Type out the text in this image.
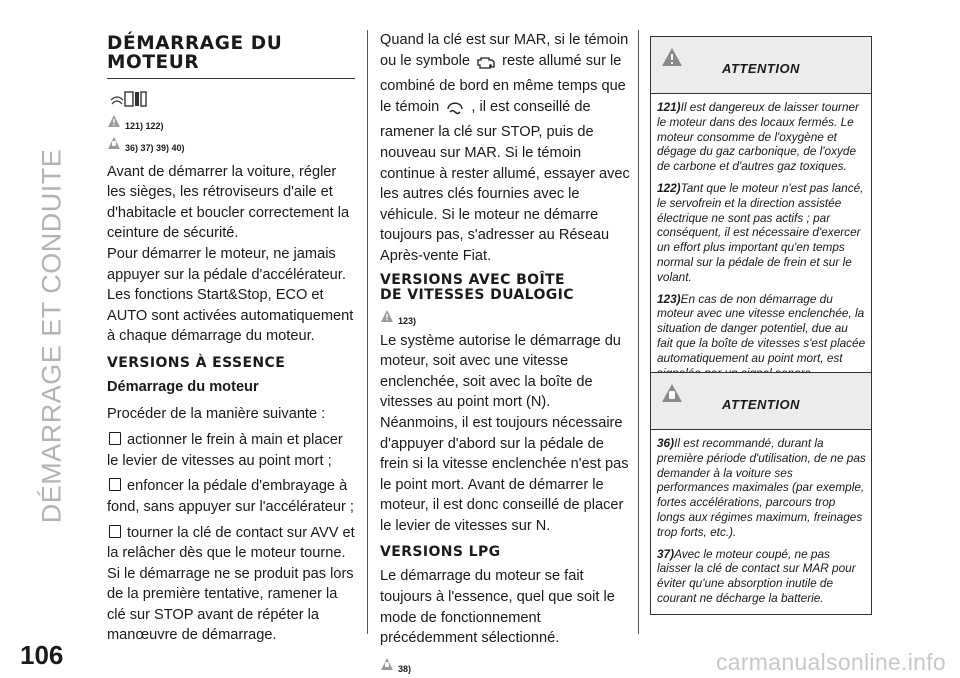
DÉMARRAGE ET CONDUITE
106	carmanualsonline.info
DÉMARRAGE DU
MOTEUR
121) 122)
36) 37) 39) 40)

Avant de démarrer la voiture, régler les sièges, les rétroviseurs d'aile et d'habitacle et boucler correctement la ceinture de sécurité.

Pour démarrer le moteur, ne jamais appuyer sur la pédale d'accélérateur.

Les fonctions Start&Stop, ECO et AUTO sont activées automatiquement à chaque démarrage du moteur.

VERSIONS À ESSENCE
Démarrage du moteur

Procéder de la manière suivante :

actionner le frein à main et placer le levier de vitesses au point mort ;
enfoncer la pédale d'embrayage à fond, sans appuyer sur l'accélérateur ;
tourner la clé de contact sur AVV et la relâcher dès que le moteur tourne.

Si le démarrage ne se produit pas lors de la première tentative, ramener la clé sur STOP avant de répéter la manœuvre de démarrage.

Quand la clé est sur MAR, si le témoin ou le symbole reste allumé sur le combiné de bord en même temps que le témoin , il est conseillé de ramener la clé sur STOP, puis de nouveau sur MAR. Si le témoin continue à rester allumé, essayer avec les autres clés fournies avec le véhicule. Si le moteur ne démarre toujours pas, s'adresser au Réseau Après-vente Fiat.

VERSIONS AVEC BOÎTE
DE VITESSES DUALOGIC
123)

Le système autorise le démarrage du moteur, soit avec une vitesse enclenchée, soit avec la boîte de vitesses au point mort (N). Néanmoins, il est toujours nécessaire d'appuyer d'abord sur la pédale de frein si la vitesse enclenchée n'est pas le point mort. Avant de démarrer le moteur, il est donc conseillé de placer le levier de vitesses sur N.

VERSIONS LPG

Le démarrage du moteur se fait toujours à l'essence, quel que soit le mode de fonctionnement précédemment sélectionné.

38)
ATTENTION

121)Il est dangereux de laisser tourner le moteur dans des locaux fermés. Le moteur consomme de l'oxygène et dégage du gaz carbonique, de l'oxyde de carbone et d'autres gaz toxiques.

122)Tant que le moteur n'est pas lancé, le servofrein et la direction assistée électrique ne sont pas actifs ; par conséquent, il est nécessaire d'exercer un effort plus important qu'en temps normal sur la pédale de frein et sur le volant.

123)En cas de non démarrage du moteur avec une vitesse enclenchée, la situation de danger potentiel, due au fait que la boîte de vitesses s'est placée automatiquement au point mort, est

ATTENTION

36)Il est recommandé, durant la première période d'utilisation, de ne pas demander à la voiture ses performances maximales (par exemple, fortes accélérations, parcours trop longs aux régimes maximum, freinages trop forts, etc.).

37)Avec le moteur coupé, ne pas laisser la clé de contact sur MAR pour éviter qu'une absorption inutile de courant ne décharge la batterie.
